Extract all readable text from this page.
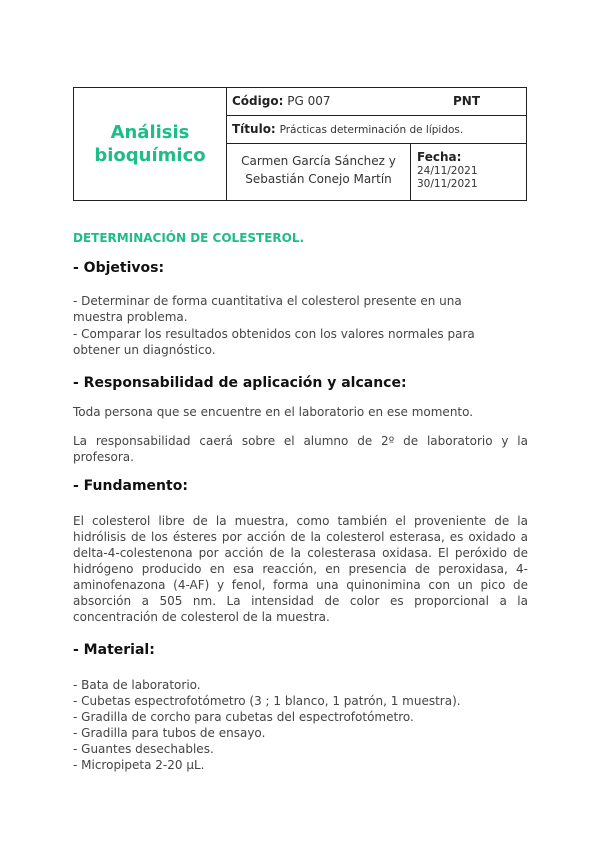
Análisis
bioquímico
Código: PG 007	PNT
Título: Prácticas determinación de lípidos.
Carmen García Sánchez y
Sebastián Conejo Martín
Fecha:
24/11/2021
30/11/2021
DETERMINACIÓN DE COLESTEROL.
- Objetivos:

- Determinar de forma cuantitativa el colesterol presente en una muestra problema.

- Comparar los resultados obtenidos con los valores normales para obtener un diagnóstico.

- Responsabilidad de aplicación y alcance:

Toda persona que se encuentre en el laboratorio en ese momento.

La responsabilidad caerá sobre el alumno de 2º de laboratorio y la profesora.

- Fundamento:

El colesterol libre de la muestra, como también el proveniente de la hidrólisis de los ésteres por acción de la colesterol esterasa, es oxidado a delta-4-colestenona por acción de la colesterasa oxidasa. El peróxido de hidrógeno producido en esa reacción, en presencia de peroxidasa, 4-aminofenazona (4-AF) y fenol, forma una quinonimina con un pico de absorción a 505 nm. La intensidad de color es proporcional a la concentración de colesterol de la muestra.

- Material:
- Bata de laboratorio.
- Cubetas espectrofotómetro (3 ; 1 blanco, 1 patrón, 1 muestra).
- Gradilla de corcho para cubetas del espectrofotómetro.
- Gradilla para tubos de ensayo.
- Guantes desechables.
- Micropipeta 2-20 µL.
